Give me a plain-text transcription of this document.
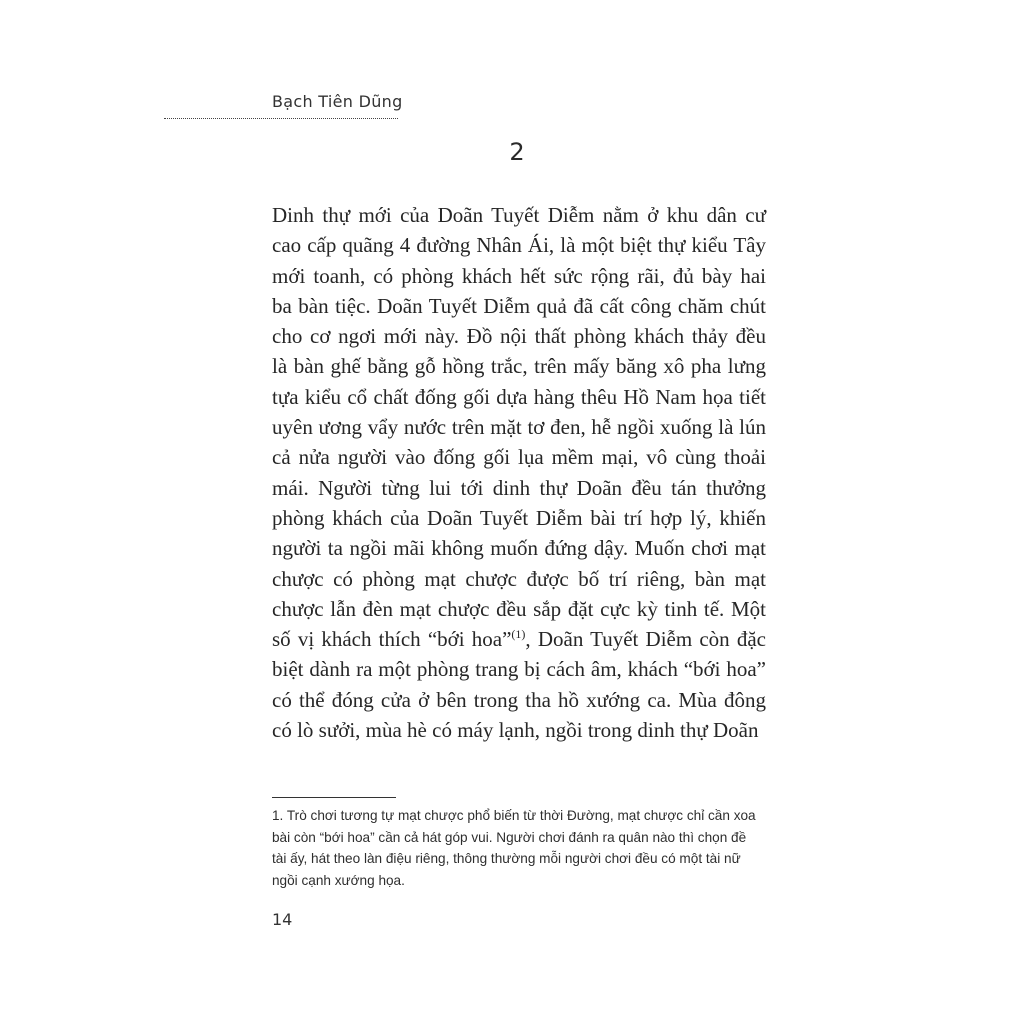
Bạch Tiên Dũng
2
Dinh thự mới của Doãn Tuyết Diễm nằm ở khu dân cư
cao cấp quãng 4 đường Nhân Ái, là một biệt thự kiểu Tây
mới toanh, có phòng khách hết sức rộng rãi, đủ bày hai
ba bàn tiệc. Doãn Tuyết Diễm quả đã cất công chăm chút
cho cơ ngơi mới này. Đồ nội thất phòng khách thảy đều
là bàn ghế bằng gỗ hồng trắc, trên mấy băng xô pha lưng
tựa kiểu cổ chất đống gối dựa hàng thêu Hồ Nam họa tiết
uyên ương vẩy nước trên mặt tơ đen, hễ ngồi xuống là lún
cả nửa người vào đống gối lụa mềm mại, vô cùng thoải
mái. Người từng lui tới dinh thự Doãn đều tán thưởng
phòng khách của Doãn Tuyết Diễm bài trí hợp lý, khiến
người ta ngồi mãi không muốn đứng dậy. Muốn chơi mạt
chược có phòng mạt chược được bố trí riêng, bàn mạt
chược lẫn đèn mạt chược đều sắp đặt cực kỳ tinh tế. Một
số vị khách thích “bới hoa”$^{(1)}$, Doãn Tuyết Diễm còn đặc
biệt dành ra một phòng trang bị cách âm, khách “bới hoa”
có thể đóng cửa ở bên trong tha hồ xướng ca. Mùa đông
có lò sưởi, mùa hè có máy lạnh, ngồi trong dinh thự Doãn
1. Trò chơi tương tự mạt chược phổ biến từ thời Đường, mạt chược chỉ cần xoa
bài còn “bới hoa” cần cả hát góp vui. Người chơi đánh ra quân nào thì chọn đề
tài ấy, hát theo làn điệu riêng, thông thường mỗi người chơi đều có một tài nữ
ngồi cạnh xướng họa.
14
